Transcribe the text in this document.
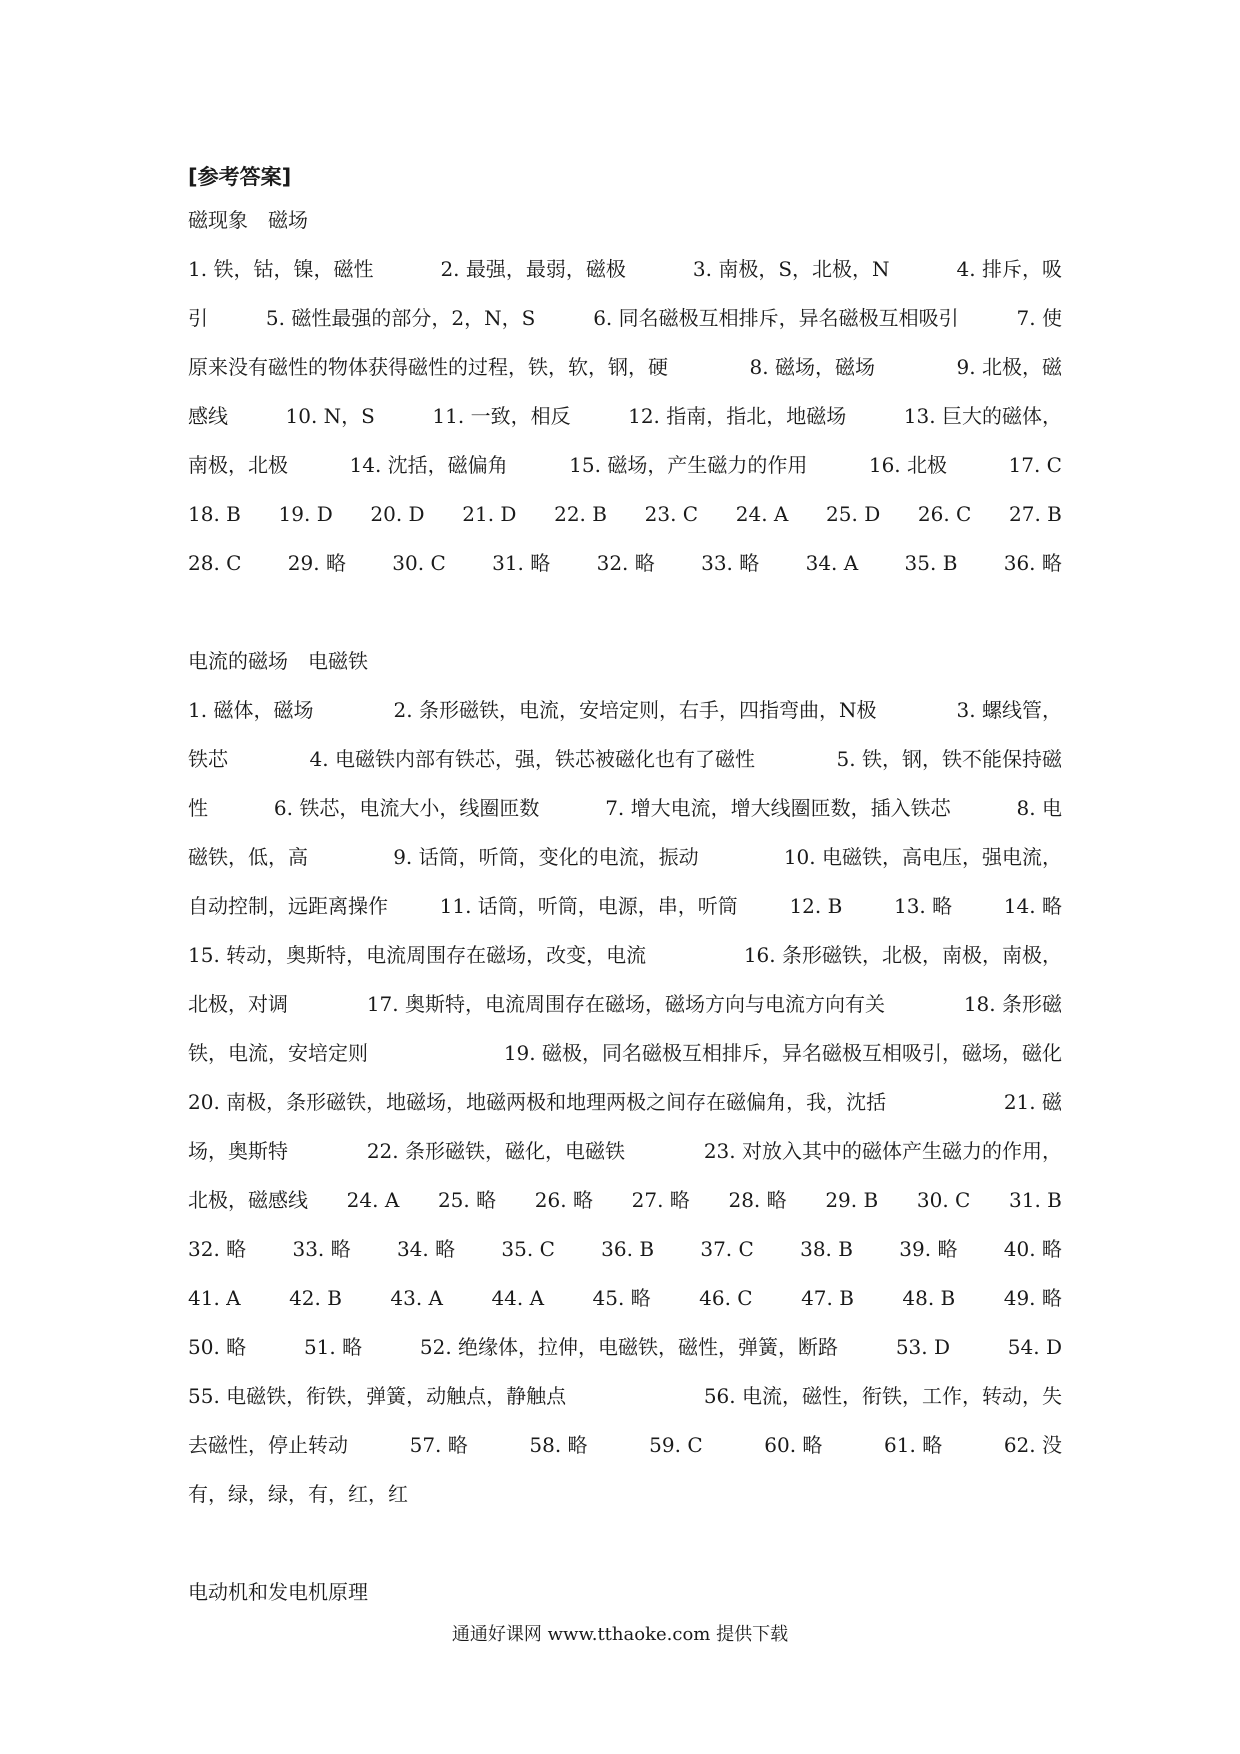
[参考答案]
磁现象　磁场
1. 铁，钴，镍，磁性	2. 最强，最弱，磁极	3. 南极，S，北极，N	4. 排斥，吸
引	5. 磁性最强的部分，2，N，S	6. 同名磁极互相排斥，异名磁极互相吸引	7. 使
原来没有磁性的物体获得磁性的过程，铁，软，钢，硬	8. 磁场，磁场	9. 北极，磁
感线	10. N，S	11. 一致，相反	12. 指南，指北，地磁场	13. 巨大的磁体，
南极，北极	14. 沈括，磁偏角	15. 磁场，产生磁力的作用	16. 北极	17. C
18. B 19. D 20. D 21. D 22. B 23. C 24. A 25. D 26. C 27. B
28. C 29. 略 30. C 31. 略 32. 略 33. 略 34. A 35. B 36. 略
电流的磁场　电磁铁
1. 磁体，磁场	2. 条形磁铁，电流，安培定则，右手，四指弯曲，N极	3. 螺线管，
铁芯	4. 电磁铁内部有铁芯，强，铁芯被磁化也有了磁性	5. 铁，钢，铁不能保持磁
性	6. 铁芯，电流大小，线圈匝数	7. 增大电流，增大线圈匝数，插入铁芯	8. 电
磁铁，低，高	9. 话筒，听筒，变化的电流，振动	10. 电磁铁，高电压，强电流，
自动控制，远距离操作	11. 话筒，听筒，电源，串，听筒	12. B	13. 略	14. 略
15. 转动，奥斯特，电流周围存在磁场，改变，电流	16. 条形磁铁，北极，南极，南极，
北极，对调	17. 奥斯特，电流周围存在磁场，磁场方向与电流方向有关	18. 条形磁
铁，电流，安培定则	19. 磁极，同名磁极互相排斥，异名磁极互相吸引，磁场，磁化
20. 南极，条形磁铁，地磁场，地磁两极和地理两极之间存在磁偏角，我，沈括	21. 磁
场，奥斯特	22. 条形磁铁，磁化，电磁铁	23. 对放入其中的磁体产生磁力的作用，
北极，磁感线 24. A 25. 略 26. 略 27. 略 28. 略 29. B 30. C 31. B
32. 略 33. 略 34. 略 35. C 36. B 37. C 38. B 39. 略 40. 略
41. A 42. B 43. A 44. A 45. 略 46. C 47. B 48. B 49. 略
50. 略	51. 略	52. 绝缘体，拉伸，电磁铁，磁性，弹簧，断路	53. D	54. D
55. 电磁铁，衔铁，弹簧，动触点，静触点	56. 电流，磁性，衔铁，工作，转动，失
去磁性，停止转动	57. 略	58. 略	59. C	60. 略	61. 略	62. 没
有，绿，绿，有，红，红
电动机和发电机原理
通通好课网 www.tthaoke.com 提供下载
